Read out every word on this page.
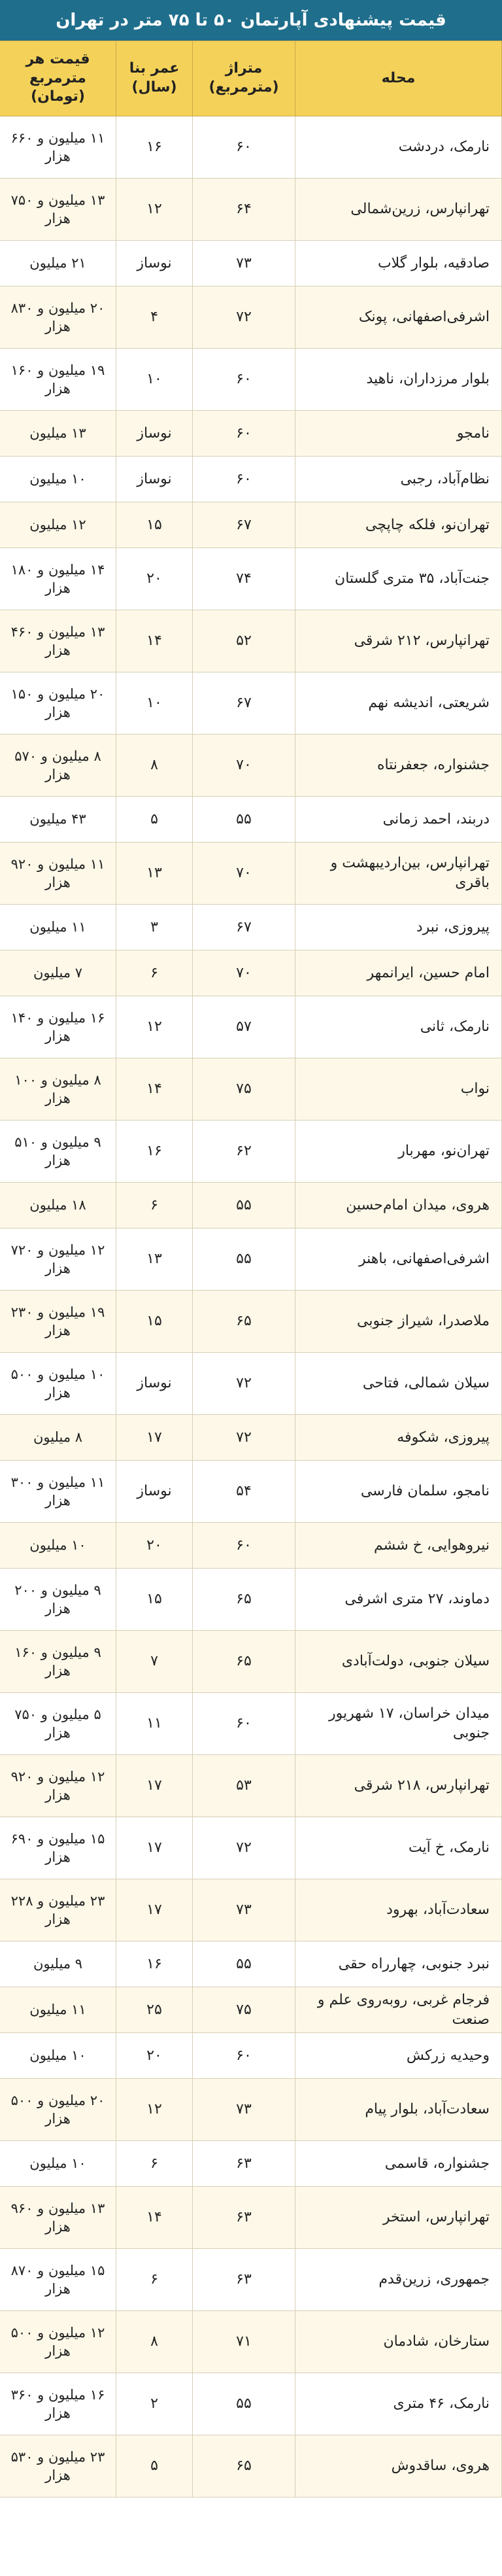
قیمت پیشنهادی آپارتمان ۵۰ تا ۷۵ متر در تهران
محله	متراژ (مترمربع)	عمر بنا (سال)	قیمت هر مترمربع (تومان)
نارمک، دردشت	۶۰	۱۶	۱۱ میلیون و ۶۶۰ هزار
تهرانپارس، زرین‌شمالی	۶۴	۱۲	۱۳ میلیون و ۷۵۰ هزار
صادقیه، بلوار گلاب	۷۳	نوساز	۲۱ میلیون
اشرفی‌اصفهانی، پونک	۷۲	۴	۲۰ میلیون و ۸۳۰ هزار
بلوار مرزداران، ناهید	۶۰	۱۰	۱۹ میلیون و ۱۶۰ هزار
نامجو	۶۰	نوساز	۱۳ میلیون
نظام‌آباد، رجبی	۶۰	نوساز	۱۰ میلیون
تهران‌نو، فلکه چاپچی	۶۷	۱۵	۱۲ میلیون
جنت‌آباد، ۳۵ متری گلستان	۷۴	۲۰	۱۴ میلیون و ۱۸۰ هزار
تهرانپارس، ۲۱۲ شرقی	۵۲	۱۴	۱۳ میلیون و ۴۶۰ هزار
شریعتی، اندیشه نهم	۶۷	۱۰	۲۰ میلیون و ۱۵۰ هزار
جشنواره، جعفرنتاه	۷۰	۸	۸ میلیون و ۵۷۰ هزار
دربند، احمد زمانی	۵۵	۵	۴۳ میلیون
تهرانپارس، بین‌اردیبهشت و باقری	۷۰	۱۳	۱۱ میلیون و ۹۲۰ هزار
پیروزی، نبرد	۶۷	۳	۱۱ میلیون
امام حسین، ایرانمهر	۷۰	۶	۷ میلیون
نارمک، ثانی	۵۷	۱۲	۱۶ میلیون و ۱۴۰ هزار
نواب	۷۵	۱۴	۸ میلیون و ۱۰۰ هزار
تهران‌نو، مهربار	۶۲	۱۶	۹ میلیون و ۵۱۰ هزار
هروی، میدان امام‌حسین	۵۵	۶	۱۸ میلیون
اشرفی‌اصفهانی، باهنر	۵۵	۱۳	۱۲ میلیون و ۷۲۰ هزار
ملاصدرا، شیراز جنوبی	۶۵	۱۵	۱۹ میلیون و ۲۳۰ هزار
سیلان شمالی، فتاحی	۷۲	نوساز	۱۰ میلیون و ۵۰۰ هزار
پیروزی، شکوفه	۷۲	۱۷	۸ میلیون
نامجو، سلمان فارسی	۵۴	نوساز	۱۱ میلیون و ۳۰۰ هزار
نیروهوایی، خ ششم	۶۰	۲۰	۱۰ میلیون
دماوند، ۲۷ متری اشرفی	۶۵	۱۵	۹ میلیون و ۲۰۰ هزار
سیلان جنوبی، دولت‌آبادی	۶۵	۷	۹ میلیون و ۱۶۰ هزار
میدان خراسان، ۱۷ شهریور جنوبی	۶۰	۱۱	۵ میلیون و ۷۵۰ هزار
تهرانپارس، ۲۱۸ شرقی	۵۳	۱۷	۱۲ میلیون و ۹۲۰ هزار
نارمک، خ آیت	۷۲	۱۷	۱۵ میلیون و ۶۹۰ هزار
سعادت‌آباد، بهرود	۷۳	۱۷	۲۳ میلیون و ۲۲۸ هزار
نبرد جنوبی، چهارراه حقی	۵۵	۱۶	۹ میلیون
فرجام غربی، روبه‌روی علم و صنعت	۷۵	۲۵	۱۱ میلیون
وحیدیه زرکش	۶۰	۲۰	۱۰ میلیون
سعادت‌آباد، بلوار پیام	۷۳	۱۲	۲۰ میلیون و ۵۰۰ هزار
جشنواره، قاسمی	۶۳	۶	۱۰ میلیون
تهرانپارس، استخر	۶۳	۱۴	۱۳ میلیون و ۹۶۰ هزار
جمهوری، زرین‌قدم	۶۳	۶	۱۵ میلیون و ۸۷۰ هزار
ستارخان، شادمان	۷۱	۸	۱۲ میلیون و ۵۰۰ هزار
نارمک، ۴۶ متری	۵۵	۲	۱۶ میلیون و ۳۶۰ هزار
هروی، ساقدوش	۶۵	۵	۲۳ میلیون و ۵۳۰ هزار
